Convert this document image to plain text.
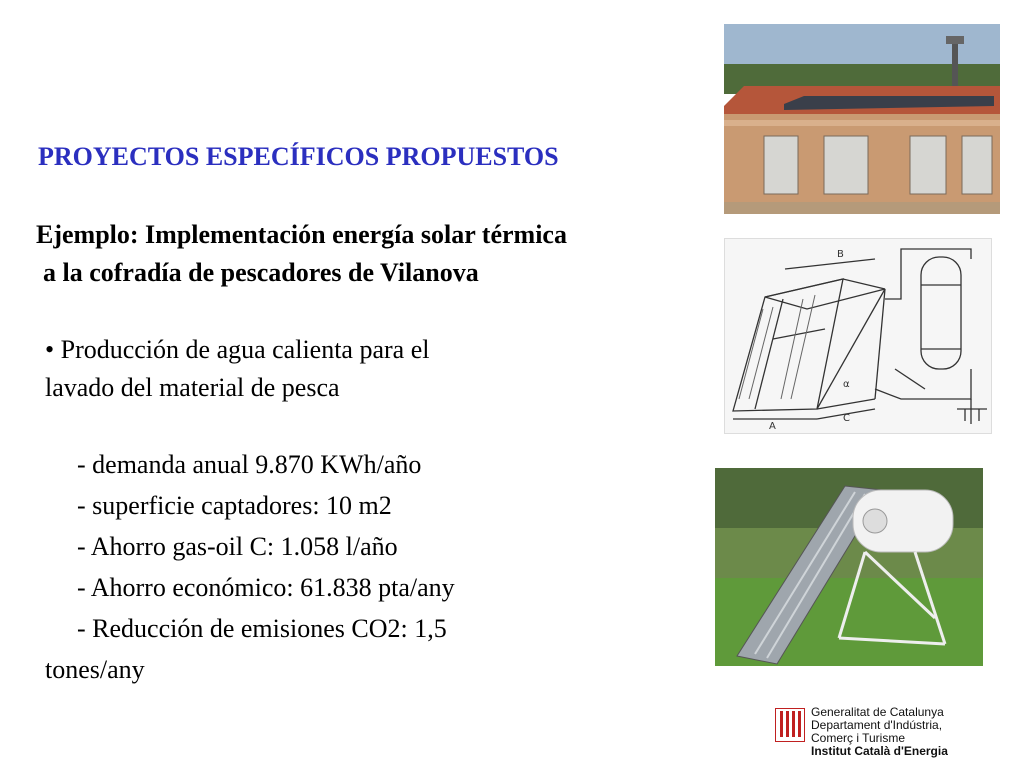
PROYECTOS ESPECÍFICOS PROPUESTOS
Ejemplo: Implementación energía solar térmica
a la cofradía de pescadores de Vilanova
• Producción de agua calienta para el
lavado del material de pesca
- demanda anual 9.870 KWh/año
- superficie captadores: 10 m2
- Ahorro gas-oil C: 1.058 l/año
- Ahorro económico: 61.838 pta/any
- Reducción de emisiones CO2: 1,5
tones/any
A
B
C
α
Generalitat de Catalunya
Departament d'Indústria,
Comerç i Turisme
Institut Català d'Energia
